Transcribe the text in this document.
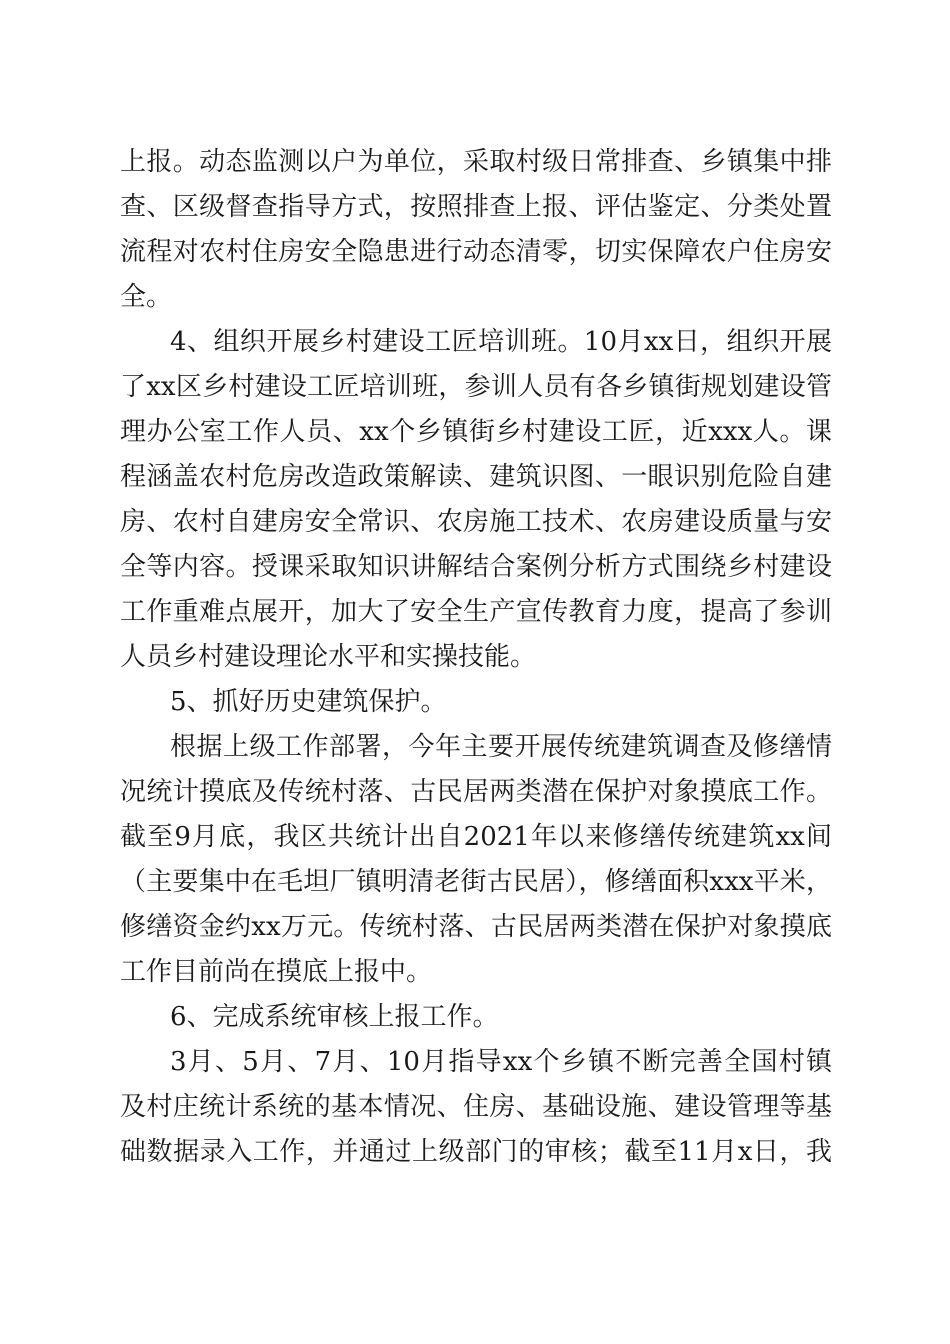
上报。动态监测以户为单位，采取村级日常排查、乡镇集中排
查、区级督查指导方式，按照排查上报、评估鉴定、分类处置
流程对农村住房安全隐患进行动态清零，切实保障农户住房安
全。
4、组织开展乡村建设工匠培训班。10月xx日，组织开展
了xx区乡村建设工匠培训班，参训人员有各乡镇街规划建设管
理办公室工作人员、xx个乡镇街乡村建设工匠，近xxx人。课
程涵盖农村危房改造政策解读、建筑识图、一眼识别危险自建
房、农村自建房安全常识、农房施工技术、农房建设质量与安
全等内容。授课采取知识讲解结合案例分析方式围绕乡村建设
工作重难点展开，加大了安全生产宣传教育力度，提高了参训
人员乡村建设理论水平和实操技能。
5、抓好历史建筑保护。
根据上级工作部署，今年主要开展传统建筑调查及修缮情
况统计摸底及传统村落、古民居两类潜在保护对象摸底工作。
截至9月底，我区共统计出自2021年以来修缮传统建筑xx间
（主要集中在毛坦厂镇明清老街古民居），修缮面积xxx平米，
修缮资金约xx万元。传统村落、古民居两类潜在保护对象摸底
工作目前尚在摸底上报中。
6、完成系统审核上报工作。
3月、5月、7月、10月指导xx个乡镇不断完善全国村镇
及村庄统计系统的基本情况、住房、基础设施、建设管理等基
础数据录入工作，并通过上级部门的审核；截至11月x日，我
